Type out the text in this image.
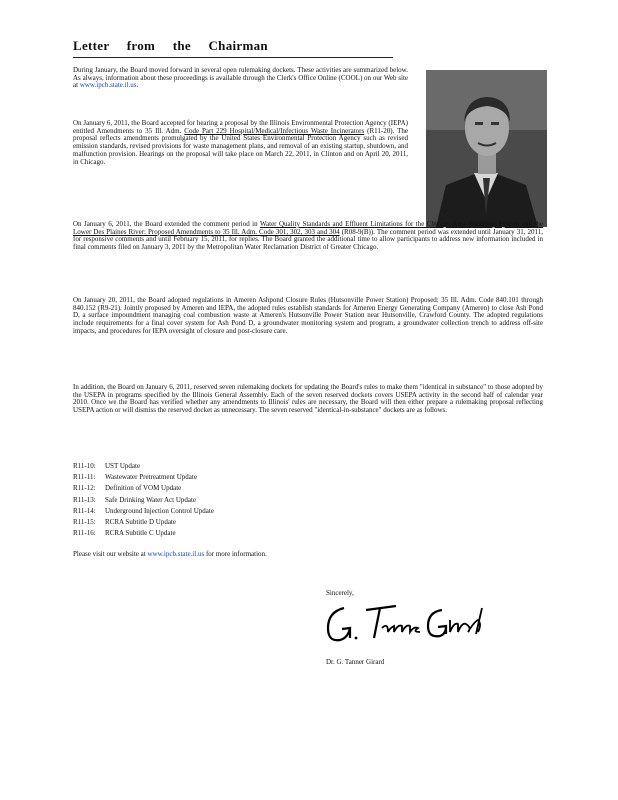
Letter from the Chairman
During January, the Board moved forward in several open rulemaking dockets. These activities are summarized below. As always, information about these proceedings is available through the Clerk's Office Online (COOL) on our Web site at www.ipcb.state.il.us.
On January 6, 2011, the Board accepted for hearing a proposal by the Illinois Environmental Protection Agency (IEPA) entitled Amendments to 35 Ill. Adm. Code Part 229 Hospital/Medical/Infectious Waste Incinerators (R11-20). The proposal reflects amendments promulgated by the United States Environmental Protection Agency such as revised emission standards, revised provisions for waste management plans, and removal of an existing startup, shutdown, and malfunction provision. Hearings on the proposal will take place on March 22, 2011, in Clinton and on April 20, 2011, in Chicago.
On January 6, 2011, the Board extended the comment period in Water Quality Standards and Effluent Limitations for the Chicago Area Waterway System and the Lower Des Plaines River: Proposed Amendments to 35 Ill. Adm. Code 301, 302, 303 and 304 (R08-9(B)). The comment period was extended until January 31, 2011, for responsive comments and until February 15, 2011, for replies. The Board granted the additional time to allow participants to address new information included in final comments filed on January 3, 2011 by the Metropolitan Water Reclamation District of Greater Chicago.
On January 20, 2011, the Board adopted regulations in Ameren Ashpond Closure Rules (Hutsonville Power Station) Proposed: 35 Ill. Adm. Code 840.101 through 840.152 (R9-21). Jointly proposed by Ameren and IEPA, the adopted rules establish standards for Ameren Energy Generating Company (Ameren) to close Ash Pond D, a surface impoundment managing coal combustion waste at Ameren's Hutsonville Power Station near Hutsonville, Crawford County. The adopted regulations include requirements for a final cover system for Ash Pond D, a groundwater monitoring system and program, a groundwater collection trench to address off-site impacts, and procedures for IEPA oversight of closure and post-closure care.
In addition, the Board on January 6, 2011, reserved seven rulemaking dockets for updating the Board's rules to make them "identical in substance" to those adopted by the USEPA in programs specified by the Illinois General Assembly. Each of the seven reserved dockets covers USEPA activity in the second half of calendar year 2010. Once we the Board has verified whether any amendments to Illinois' rules are necessary, the Board will then either prepare a rulemaking proposal reflecting USEPA action or will dismiss the reserved docket as unnecessary. The seven reserved "identical-in-substance" dockets are as follows.
R11-10: UST Update
R11-11: Wastewater Pretreatment Update
R11-12: Definition of VOM Update
R11-13: Safe Drinking Water Act Update
R11-14: Underground Injection Control Update
R11-15: RCRA Subtitle D Update
R11-16: RCRA Subtitle C Update
Please visit our website at www.ipcb.state.il.us for more information.
Sincerely,
Dr. G. Tanner Girard
